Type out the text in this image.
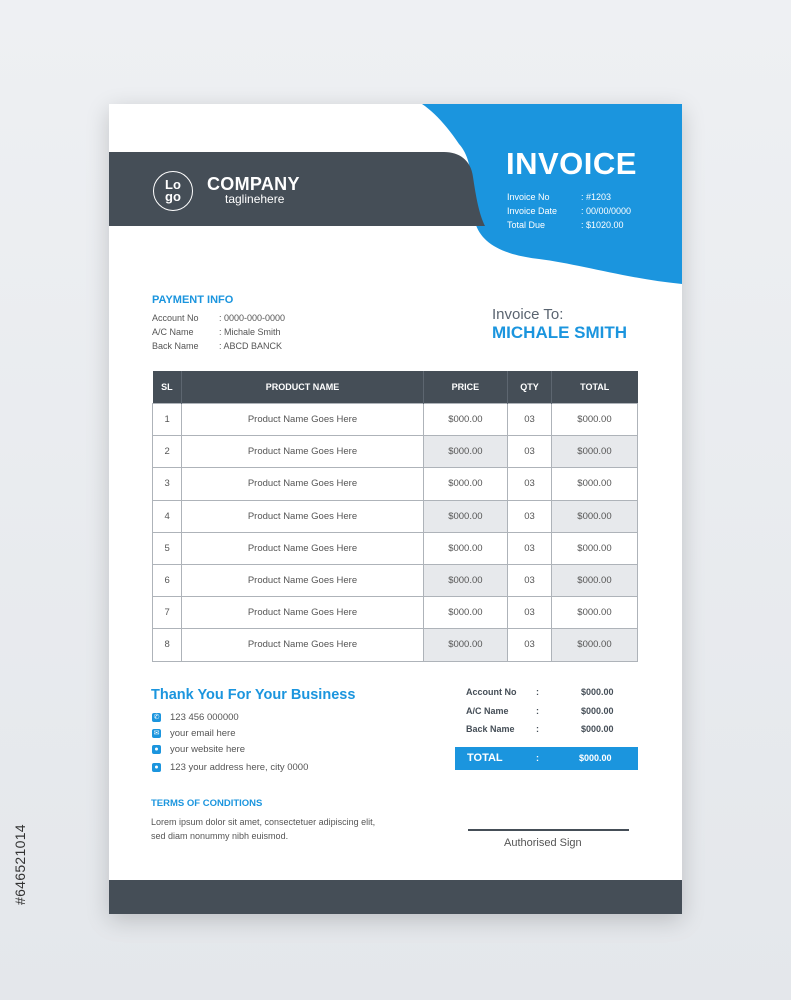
#646521014
Lo
go
COMPANY
taglinehere
INVOICE
Invoice No	: #1203
Invoice Date	: 00/00/0000
Total Due	: $1020.00
PAYMENT INFO
Account No : 0000-000-0000
A/C Name	: Michale Smith
Back Name : ABCD BANCK
Invoice To:
MICHALE SMITH
SL	PRODUCT NAME	PRICE	QTY	TOTAL
1	Product Name Goes Here	$000.00	03	$000.00
2	Product Name Goes Here	$000.00	03	$000.00
3	Product Name Goes Here	$000.00	03	$000.00
4	Product Name Goes Here	$000.00	03	$000.00
5	Product Name Goes Here	$000.00	03	$000.00
6	Product Name Goes Here	$000.00	03	$000.00
7	Product Name Goes Here	$000.00	03	$000.00
8	Product Name Goes Here	$000.00	03	$000.00
Thank You For Your Business
✆ 123 456 000000
✉ your email here
● your website here
● 123 your address here, city 0000
TERMS OF CONDITIONS
Lorem ipsum dolor sit amet, consectetuer adipiscing elit,
sed diam nonummy nibh euismod.
Account No :	$000.00
A/C Name	:	$000.00
Back Name :	$000.00
TOTAL	:	$000.00
Authorised Sign
